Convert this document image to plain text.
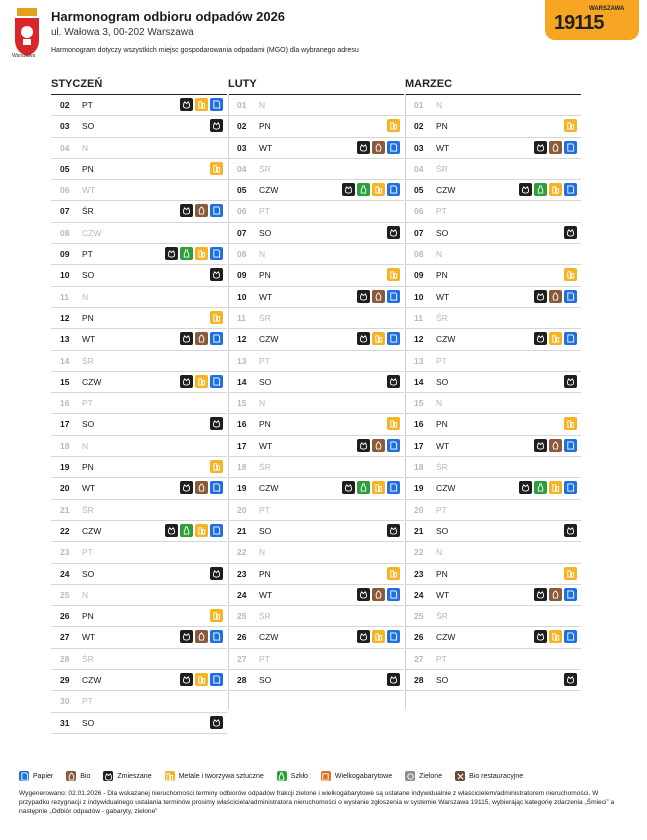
Warszawa
Harmonogram odbioru odpadów 2026
ul. Wałowa 3, 00-202 Warszawa
Harmonogram dotyczy wszystkich miejsc gospodarowania odpadami (MGO) dla wybranego adresu
WARSZAWA
19115
STYCZEŃ
02 PT
03 SO
04 N
05 PN
06 WT
07 ŚR
08 CZW
09 PT
10 SO
11 N
12 PN
13 WT
14 ŚR
15 CZW
16 PT
17 SO
18 N
19 PN
20 WT
21 ŚR
22 CZW
23 PT
24 SO
25 N
26 PN
27 WT
28 ŚR
29 CZW
30 PT
31 SO
LUTY
01 N
02 PN
03 WT
04 ŚR
05 CZW
06 PT
07 SO
08 N
09 PN
10 WT
11 ŚR
12 CZW
13 PT
14 SO
15 N
16 PN
17 WT
18 ŚR
19 CZW
20 PT
21 SO
22 N
23 PN
24 WT
25 ŚR
26 CZW
27 PT
28 SO
MARZEC
01 N
02 PN
03 WT
04 ŚR
05 CZW
06 PT
07 SO
08 N
09 PN
10 WT
11 ŚR
12 CZW
13 PT
14 SO
15 N
16 PN
17 WT
18 ŚR
19 CZW
20 PT
21 SO
22 N
23 PN
24 WT
25 ŚR
26 CZW
27 PT
28 SO
Papier	Bio	Zmieszane	Metale i tworzywa sztuczne	Szkło	Wielkogabarytowe	Zielone	Bio restauracyjne
Wygenerowano: 02.01.2026 - Dla wskazanej nieruchomości terminy odbiorów odpadów frakcji zielone i wielkogabarytowe są ustalane indywidualnie z właścicielem/administratorem nieruchomości. W przypadku rezygnacji z indywidualnego ustalania terminów prosimy właściciela/administratora nieruchomości o wysłanie zgłoszenia w systemie Warszawa 19115, wybierając kategorię zdarzenia „Śmieci” a następnie „Odbiór odpadów - gabaryty, zielone”
